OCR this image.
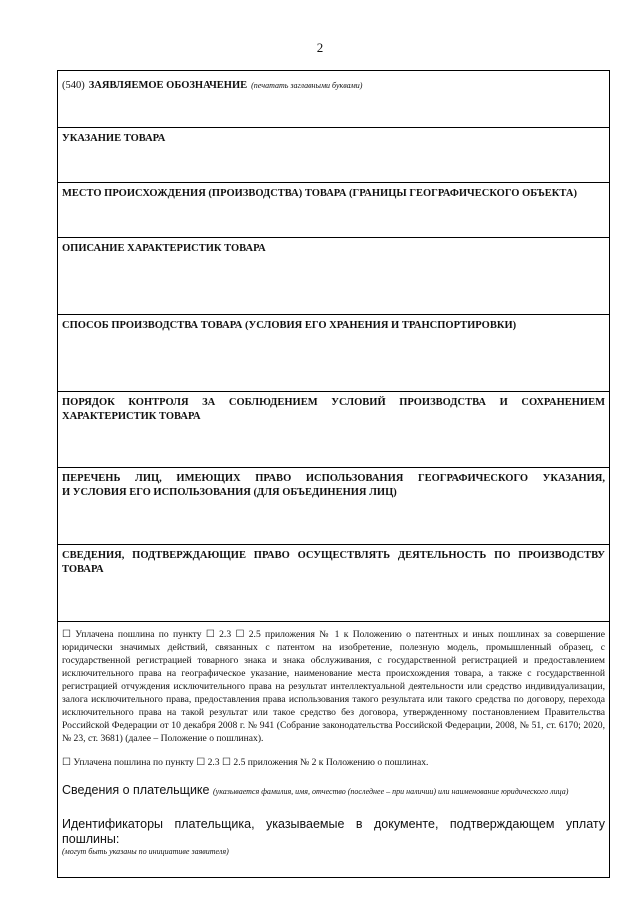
2
(540) ЗАЯВЛЯЕМОЕ ОБОЗНАЧЕНИЕ (печатать заглавными буквами)
УКАЗАНИЕ ТОВАРА
МЕСТО ПРОИСХОЖДЕНИЯ (ПРОИЗВОДСТВА) ТОВАРА (ГРАНИЦЫ ГЕОГРАФИЧЕСКОГО ОБЪЕКТА)
ОПИСАНИЕ ХАРАКТЕРИСТИК ТОВАРА
СПОСОБ ПРОИЗВОДСТВА ТОВАРА (УСЛОВИЯ ЕГО ХРАНЕНИЯ И ТРАНСПОРТИРОВКИ)
ПОРЯДОК КОНТРОЛЯ ЗА СОБЛЮДЕНИЕМ УСЛОВИЙ ПРОИЗВОДСТВА И СОХРАНЕНИЕМ
ХАРАКТЕРИСТИК ТОВАРА
ПЕРЕЧЕНЬ ЛИЦ, ИМЕЮЩИХ ПРАВО ИСПОЛЬЗОВАНИЯ ГЕОГРАФИЧЕСКОГО УКАЗАНИЯ,
И УСЛОВИЯ ЕГО ИСПОЛЬЗОВАНИЯ (ДЛЯ ОБЪЕДИНЕНИЯ ЛИЦ)
СВЕДЕНИЯ, ПОДТВЕРЖДАЮЩИЕ ПРАВО ОСУЩЕСТВЛЯТЬ ДЕЯТЕЛЬНОСТЬ ПО ПРОИЗВОДСТВУ
ТОВАРА

☐ Уплачена пошлина по пункту ☐ 2.3 ☐ 2.5 приложения № 1 к Положению о патентных и иных пошлинах за совершение юридически значимых действий, связанных с патентом на изобретение, полезную модель, промышленный образец, с государственной регистрацией товарного знака и знака обслуживания, с государственной регистрацией и предоставлением исключительного права на географическое указание, наименование места происхождения товара, а также с государственной регистрацией отчуждения исключительного права на результат интеллектуальной деятельности или средство индивидуализации, залога исключительного права, предоставления права использования такого результата или такого средства по договору, перехода исключительного права на такой результат или такое средство без договора, утвержденному постановлением Правительства Российской Федерации от 10 декабря 2008 г. № 941 (Собрание законодательства Российской Федерации, 2008, № 51, ст. 6170; 2020, № 23, ст. 3681) (далее – Положение о пошлинах).

☐ Уплачена пошлина по пункту ☐ 2.3 ☐ 2.5 приложения № 2 к Положению о пошлинах.

Сведения о плательщике (указывается фамилия, имя, отчество (последнее – при наличии) или наименование юридического лица)
Идентификаторы плательщика, указываемые в документе, подтверждающем уплату пошлины:
(могут быть указаны по инициативе заявителя)
